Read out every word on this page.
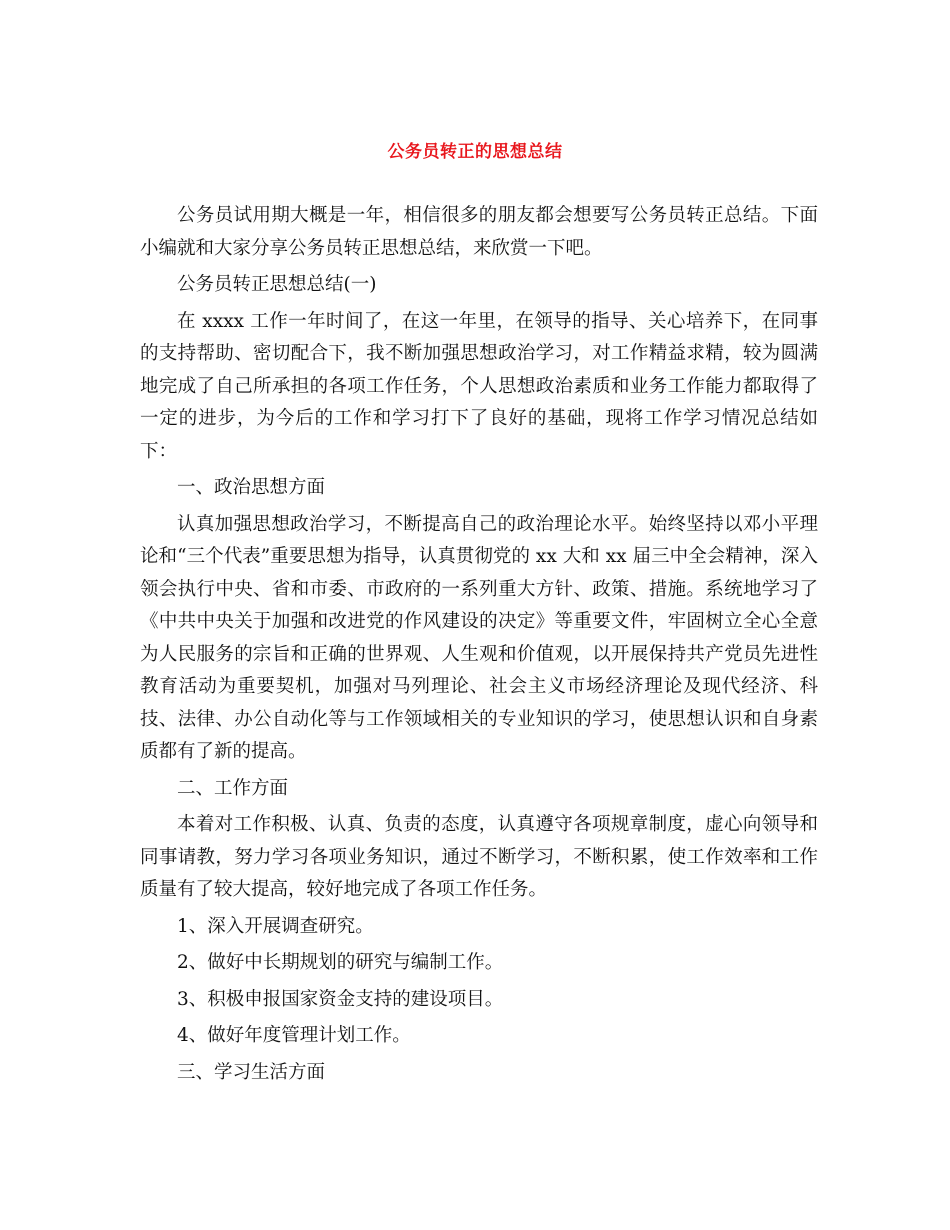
公务员转正的思想总结

公务员试用期大概是一年，相信很多的朋友都会想要写公务员转正总结。下面小编就和大家分享公务员转正思想总结，来欣赏一下吧。

公务员转正思想总结(一)

在 xxxx 工作一年时间了，在这一年里，在领导的指导、关心培养下，在同事的支持帮助、密切配合下，我不断加强思想政治学习，对工作精益求精，较为圆满地完成了自己所承担的各项工作任务，个人思想政治素质和业务工作能力都取得了一定的进步，为今后的工作和学习打下了良好的基础，现将工作学习情况总结如下：

一、政治思想方面

认真加强思想政治学习，不断提高自己的政治理论水平。始终坚持以邓小平理论和“三个代表”重要思想为指导，认真贯彻党的 xx 大和 xx 届三中全会精神，深入领会执行中央、省和市委、市政府的一系列重大方针、政策、措施。系统地学习了《中共中央关于加强和改进党的作风建设的决定》等重要文件，牢固树立全心全意为人民服务的宗旨和正确的世界观、人生观和价值观，以开展保持共产党员先进性教育活动为重要契机，加强对马列理论、社会主义市场经济理论及现代经济、科技、法律、办公自动化等与工作领域相关的专业知识的学习，使思想认识和自身素质都有了新的提高。

二、工作方面

本着对工作积极、认真、负责的态度，认真遵守各项规章制度，虚心向领导和同事请教，努力学习各项业务知识，通过不断学习，不断积累，使工作效率和工作质量有了较大提高，较好地完成了各项工作任务。

1、深入开展调查研究。

2、做好中长期规划的研究与编制工作。

3、积极申报国家资金支持的建设项目。

4、做好年度管理计划工作。

三、学习生活方面
